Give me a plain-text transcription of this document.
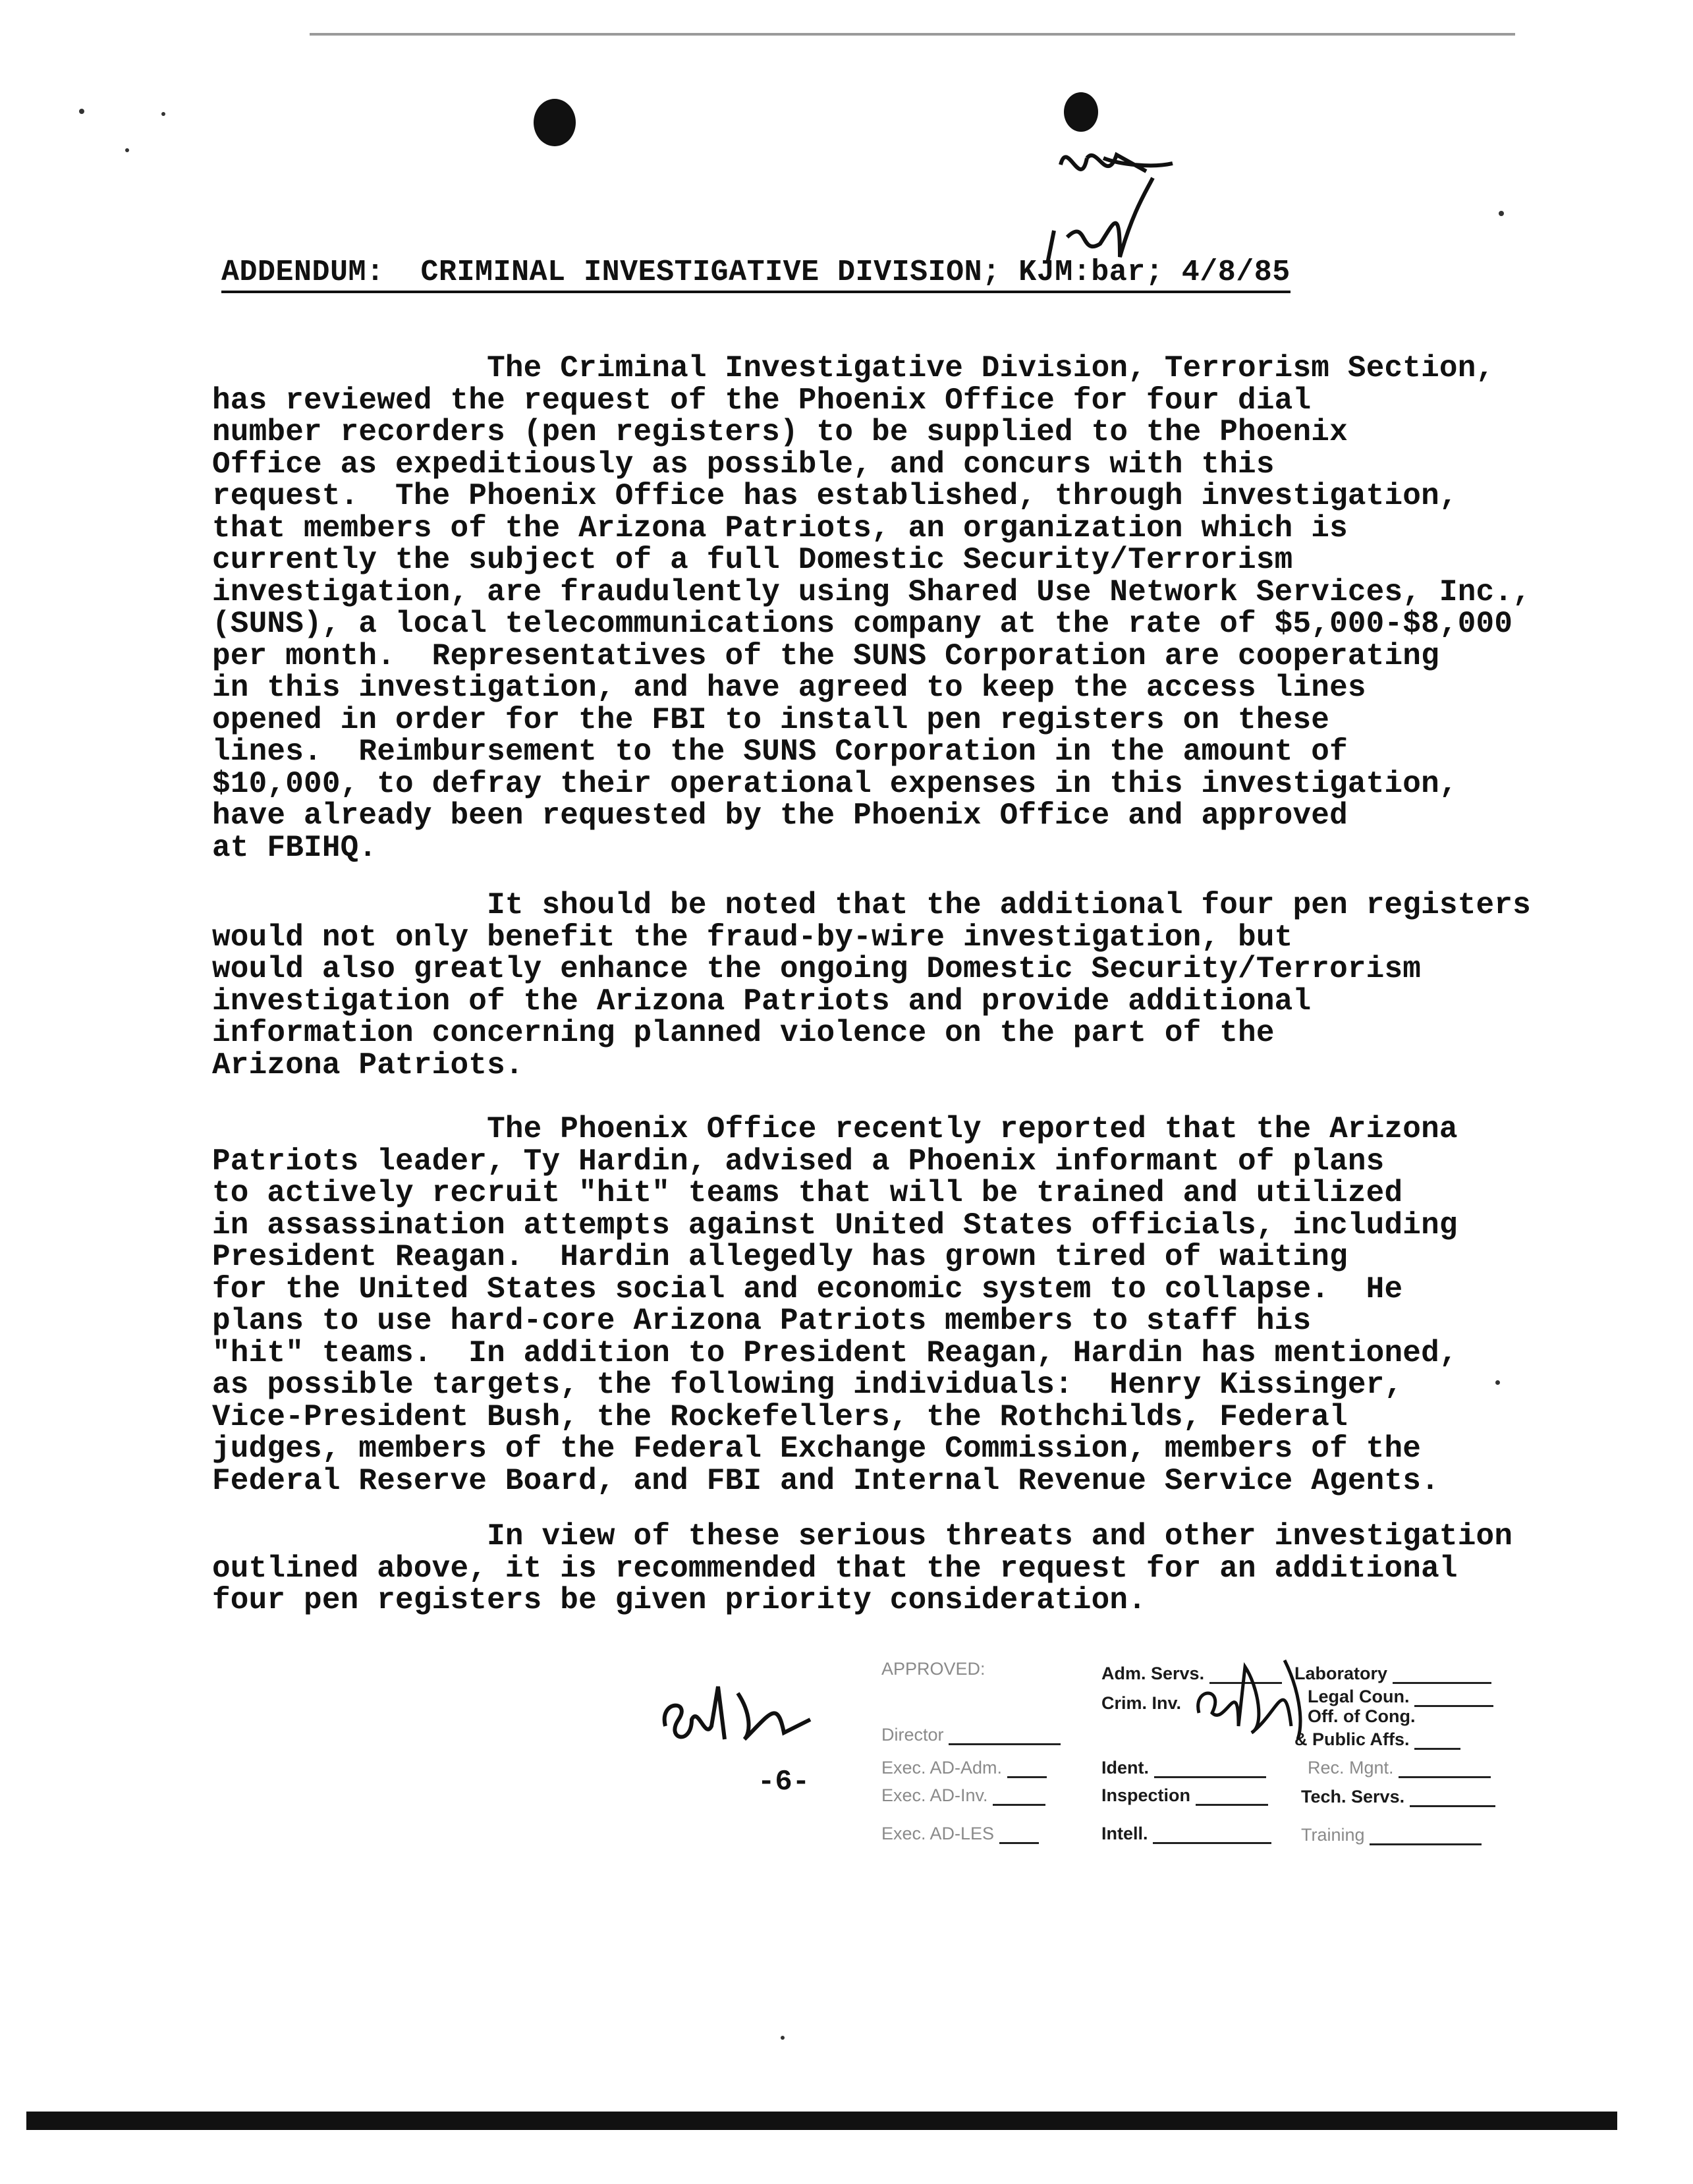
ADDENDUM:  CRIMINAL INVESTIGATIVE DIVISION; KJM:bar; 4/8/85

The Criminal Investigative Division, Terrorism Section,
has reviewed the request of the Phoenix Office for four dial
number recorders (pen registers) to be supplied to the Phoenix
Office as expeditiously as possible, and concurs with this
request.  The Phoenix Office has established, through investigation,
that members of the Arizona Patriots, an organization which is
currently the subject of a full Domestic Security/Terrorism
investigation, are fraudulently using Shared Use Network Services, Inc.,
(SUNS), a local telecommunications company at the rate of $5,000-$8,000
per month.  Representatives of the SUNS Corporation are cooperating
in this investigation, and have agreed to keep the access lines
opened in order for the FBI to install pen registers on these
lines.  Reimbursement to the SUNS Corporation in the amount of
$10,000, to defray their operational expenses in this investigation,
have already been requested by the Phoenix Office and approved
at FBIHQ.

It should be noted that the additional four pen registers
would not only benefit the fraud-by-wire investigation, but
would also greatly enhance the ongoing Domestic Security/Terrorism
investigation of the Arizona Patriots and provide additional
information concerning planned violence on the part of the
Arizona Patriots.

The Phoenix Office recently reported that the Arizona
Patriots leader, Ty Hardin, advised a Phoenix informant of plans
to actively recruit "hit" teams that will be trained and utilized
in assassination attempts against United States officials, including
President Reagan.  Hardin allegedly has grown tired of waiting
for the United States social and economic system to collapse.  He
plans to use hard-core Arizona Patriots members to staff his
"hit" teams.  In addition to President Reagan, Hardin has mentioned,
as possible targets, the following individuals:  Henry Kissinger,
Vice-President Bush, the Rockefellers, the Rothchilds, Federal
judges, members of the Federal Exchange Commission, members of the
Federal Reserve Board, and FBI and Internal Revenue Service Agents.

In view of these serious threats and other investigation
outlined above, it is recommended that the request for an additional
four pen registers be given priority consideration.

-6-
APPROVED:
Director
Exec. AD-Adm.
Exec. AD-Inv.
Exec. AD-LES
Adm. Servs.
Crim. Inv.
Ident.
Inspection
Intell.
Laboratory
Legal Coun.
Off. of Cong.
& Public Affs.
Rec. Mgnt.
Tech. Servs.
Training
